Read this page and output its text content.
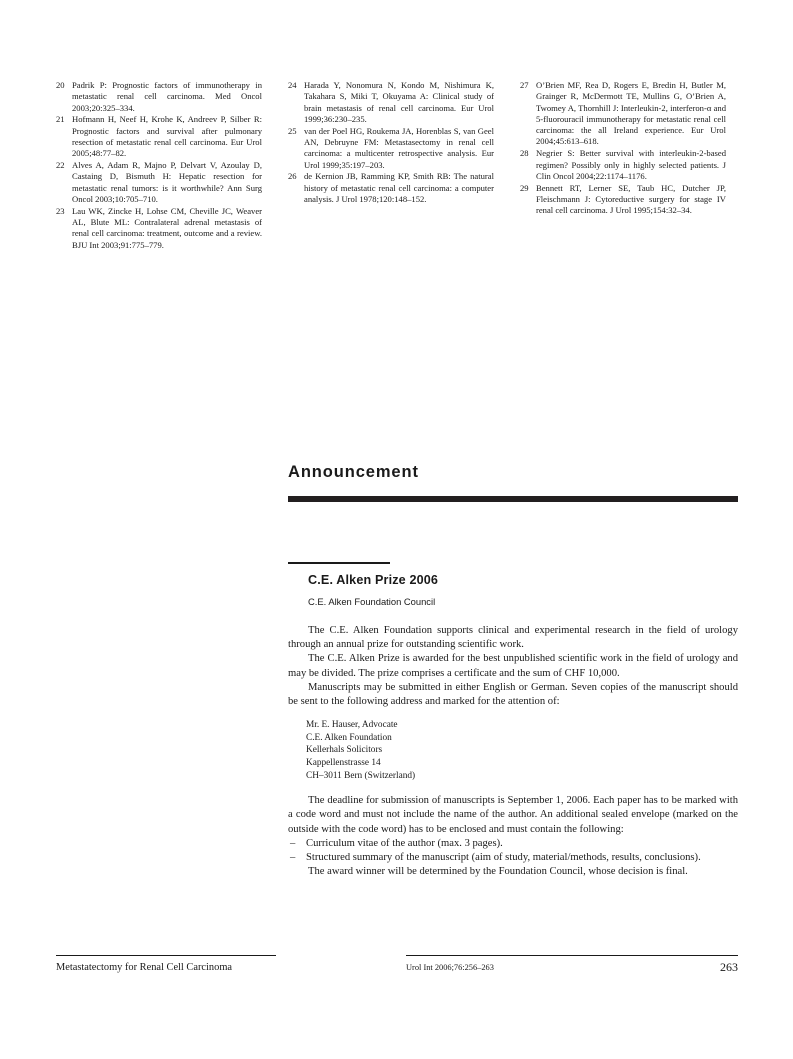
20 Padrik P: Prognostic factors of immunotherapy in metastatic renal cell carcinoma. Med Oncol 2003;20:325–334.
21 Hofmann H, Neef H, Krohe K, Andreev P, Silber R: Prognostic factors and survival after pulmonary resection of metastatic renal cell carcinoma. Eur Urol 2005;48:77–82.
22 Alves A, Adam R, Majno P, Delvart V, Azoulay D, Castaing D, Bismuth H: Hepatic resection for metastatic renal tumors: is it worthwhile? Ann Surg Oncol 2003;10:705–710.
23 Lau WK, Zincke H, Lohse CM, Cheville JC, Weaver AL, Blute ML: Contralateral adrenal metastasis of renal cell carcinoma: treatment, outcome and a review. BJU Int 2003;91:775–779.
24 Harada Y, Nonomura N, Kondo M, Nishimura K, Takahara S, Miki T, Okuyama A: Clinical study of brain metastasis of renal cell carcinoma. Eur Urol 1999;36:230–235.
25 van der Poel HG, Roukema JA, Horenblas S, van Geel AN, Debruyne FM: Metastasectomy in renal cell carcinoma: a multicenter retrospective analysis. Eur Urol 1999;35:197–203.
26 de Kernion JB, Ramming KP, Smith RB: The natural history of metastatic renal cell carcinoma: a computer analysis. J Urol 1978;120:148–152.
27 O’Brien MF, Rea D, Rogers E, Bredin H, Butler M, Grainger R, McDermott TE, Mullins G, O’Brien A, Twomey A, Thornhill J: Interleukin-2, interferon-α and 5-fluorouracil immunotherapy for metastatic renal cell carcinoma: the all Ireland experience. Eur Urol 2004;45:613–618.
28 Negrier S: Better survival with interleukin-2-based regimen? Possibly only in highly selected patients. J Clin Oncol 2004;22:1174–1176.
29 Bennett RT, Lerner SE, Taub HC, Dutcher JP, Fleischmann J: Cytoreductive surgery for stage IV renal cell carcinoma. J Urol 1995;154:32–34.
Announcement
C.E. Alken Prize 2006
C.E. Alken Foundation Council

The C.E. Alken Foundation supports clinical and experimental research in the field of urology through an annual prize for outstanding scientific work.

The C.E. Alken Prize is awarded for the best unpublished scientific work in the field of urology and may be divided. The prize comprises a certificate and the sum of CHF 10,000.

Manuscripts may be submitted in either English or German. Seven copies of the manuscript should be sent to the following address and marked for the attention of:

Mr. E. Hauser, Advocate
C.E. Alken Foundation
Kellerhals Solicitors
Kappellenstrasse 14
CH–3011 Bern (Switzerland)

The deadline for submission of manuscripts is September 1, 2006. Each paper has to be marked with a code word and must not include the name of the author. An additional sealed envelope (marked on the outside with the code word) has to be enclosed and must contain the following:

–	Curriculum vitae of the author (max. 3 pages).
–	Structured summary of the manuscript (aim of study, material/methods, results, conclusions).

The award winner will be determined by the Foundation Council, whose decision is final.

Metastatectomy for Renal Cell Carcinoma	Urol Int 2006;76:256–263	263
